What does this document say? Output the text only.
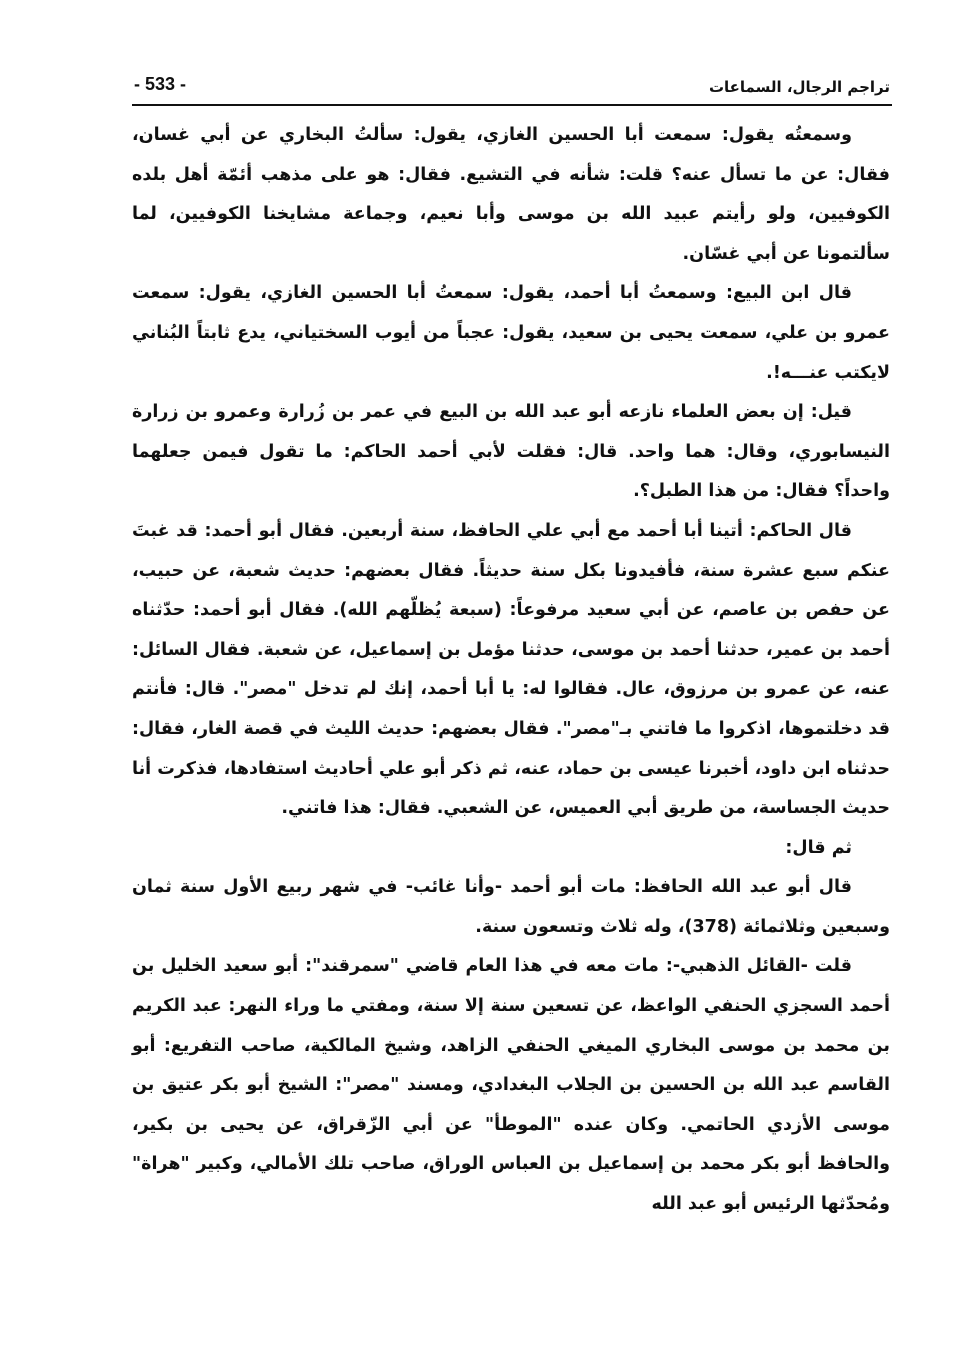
تراجم الرجال، السماعات
- 533 -

وسمعتُه يقول: سمعت أبا الحسين الغازي، يقول: سألتُ البخاري عن أبي غسان، فقال: عن ما تسأل عنه؟ قلت: شأنه في التشيع. فقال: هو على مذهب أئمّة أهل بلده الكوفيين، ولو رأيتم عبيد الله بن موسى وأبا نعيم، وجماعة مشايخنا الكوفيين، لما سألتمونا عن أبي غسّان.

قال ابن البيع: وسمعتُ أبا أحمد، يقول: سمعتُ أبا الحسين الغازي، يقول: سمعت عمرو بن علي، سمعت يحيى بن سعيد، يقول: عجباً من أيوب السختياني، يدع ثابتاً البُناني لايكتب عنـــه!.

قيل: إن بعض العلماء نازعه أبو عبد الله بن البيع في عمر بن زُرارة وعمرو بن زرارة النيسابوري، وقال: هما واحد. قال: فقلت لأبي أحمد الحاكم: ما تقول فيمن جعلهما واحداً؟ فقال: من هذا الطبل؟.

قال الحاكم: أتينا أبا أحمد مع أبي علي الحافظ، سنة أربعين. فقال أبو أحمد: قد غبتَ عنكم سبع عشرة سنة، فأفيدونا بكل سنة حديثاً. فقال بعضهم: حديث شعبة، عن حبيب، عن حفص بن عاصم، عن أبي سعيد مرفوعاً: (سبعة يُظلّهم الله). فقال أبو أحمد: حدّثناه أحمد بن عمير، حدثنا أحمد بن موسى، حدثنا مؤمل بن إسماعيل، عن شعبة. فقال السائل: عنه، عن عمرو بن مرزوق، عال. فقالوا له: يا أبا أحمد، إنك لم تدخل "مصر". قال: فأنتم قد دخلتموها، اذكروا ما فاتني بـ"مصر". فقال بعضهم: حديث الليث في قصة الغار، فقال: حدثناه ابن داود، أخبرنا عيسى بن حماد، عنه، ثم ذكر أبو علي أحاديث استفادها، فذكرت أنا حديث الجساسة، من طريق أبي العميس، عن الشعبي. فقال: هذا فاتني.

ثم قال:

قال أبو عبد الله الحافظ: مات أبو أحمد -وأنا غائب- في شهر ربيع الأول سنة ثمان وسبعين وثلاثمائة (378)، وله ثلاث وتسعون سنة.

قلت -القائل الذهبي-: مات معه في هذا العام قاضي "سمرقند": أبو سعيد الخليل بن أحمد السجزي الحنفي الواعظ، عن تسعين سنة إلا سنة، ومفتي ما وراء النهر: عبد الكريم بن محمد بن موسى البخاري الميغي الحنفي الزاهد، وشيخ المالكية، صاحب التفريع: أبو القاسم عبد الله بن الحسين بن الجلاب البغدادي، ومسند "مصر": الشيخ أبو بكر عتيق بن موسى الأزدي الحاتمي. وكان عنده "الموطأ" عن أبي الزّقراق، عن يحيى بن بكير، والحافظ أبو بكر محمد بن إسماعيل بن العباس الوراق، صاحب تلك الأمالي، وكبير "هراة" ومُحدّثها الرئيس أبو عبد الله
